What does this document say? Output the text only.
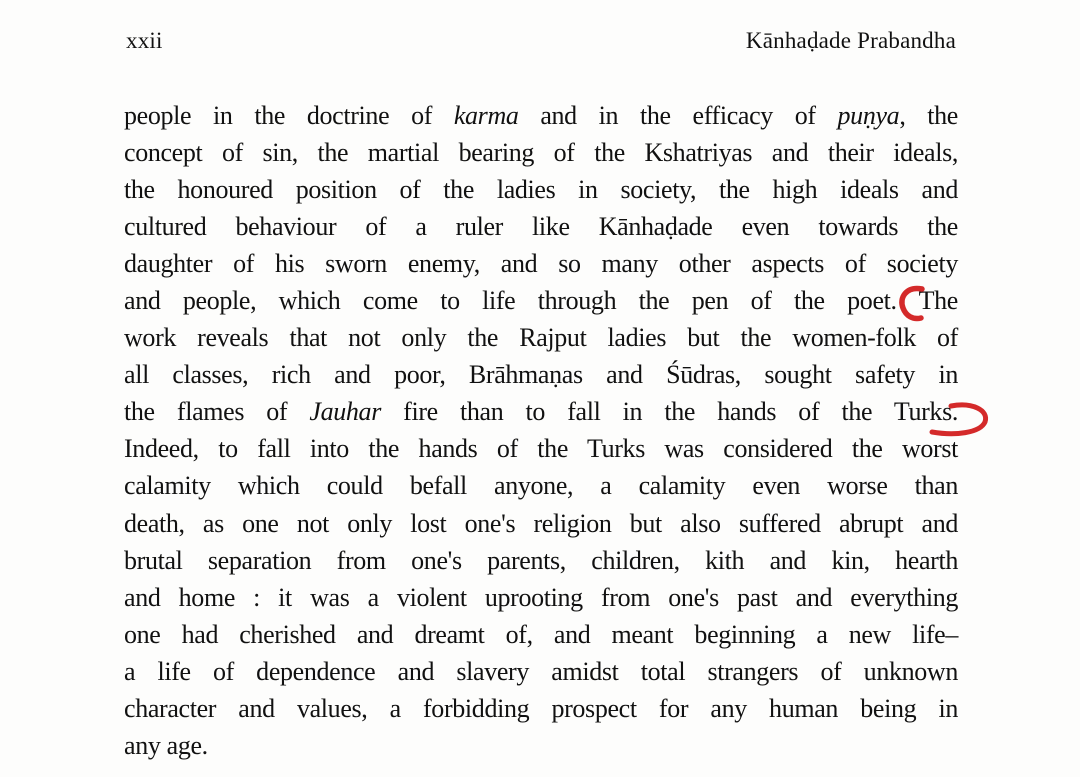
xxii	Kānhaḍade Prabandha
people in the doctrine of karma and in the efficacy of puṇya, the
concept of sin, the martial bearing of the Kshatriyas and their ideals,
the honoured position of the ladies in society, the high ideals and
cultured behaviour of a ruler like Kānhaḍade even towards the
daughter of his sworn enemy, and so many other aspects of society
and people, which come to life through the pen of the poet. The
work reveals that not only the Rajput ladies but the women-folk of
all classes, rich and poor, Brāhmaṇas and Śūdras, sought safety in
the flames of Jauhar fire than to fall in the hands of the Turks.
Indeed, to fall into the hands of the Turks was considered the worst
calamity which could befall anyone, a calamity even worse than
death, as one not only lost one's religion but also suffered abrupt and
brutal separation from one's parents, children, kith and kin, hearth
and home : it was a violent uprooting from one's past and everything
one had cherished and dreamt of, and meant beginning a new life–
a life of dependence and slavery amidst total strangers of unknown
character and values, a forbidding prospect for any human being in
any age.
